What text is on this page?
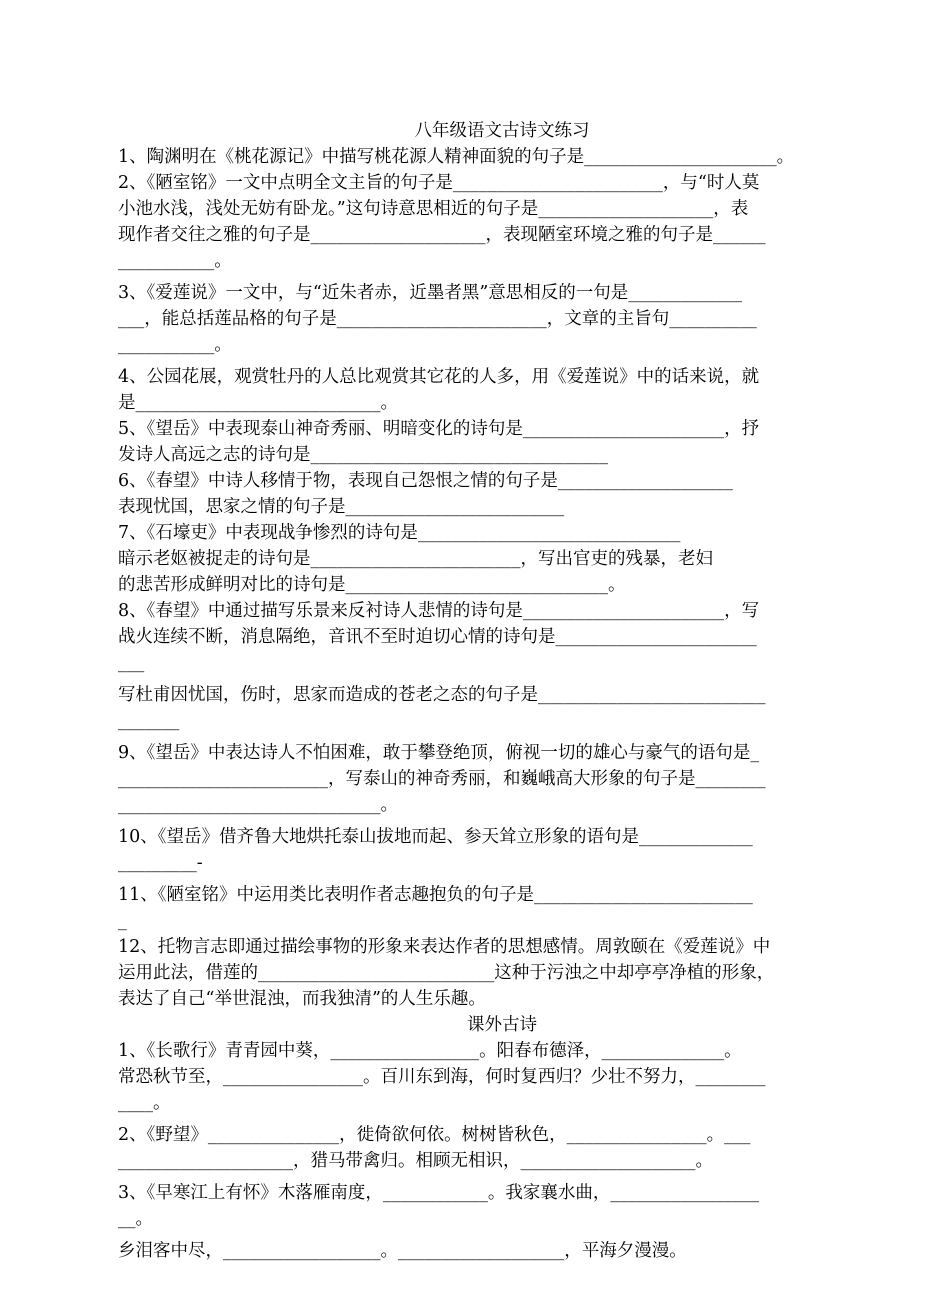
八年级语文古诗文练习

1、陶渊明在《桃花源记》中描写桃花源人精神面貌的句子是______________________。

2、《陋室铭》一文中点明全文主旨的句子是________________________，与“时人莫

小池水浅，浅处无妨有卧龙。”这句诗意思相近的句子是____________________，表

现作者交往之雅的句子是____________________，表现陋室环境之雅的句子是______

___________。

3、《爱莲说》一文中，与“近朱者赤，近墨者黑”意思相反的一句是_____________

___，能总括莲品格的句子是________________________，文章的主旨句__________

___________。

4、公园花展，观赏牡丹的人总比观赏其它花的人多，用《爱莲说》中的话来说，就

是____________________________。

5、《望岳》中表现泰山神奇秀丽、明暗变化的诗句是_______________________，抒

发诗人高远之志的诗句是__________________________________

6、《春望》中诗人移情于物，表现自己怨恨之情的句子是____________________

表现忧国，思家之情的句子是_________________________

7、《石壕吏》中表现战争惨烈的诗句是______________________________

暗示老妪被捉走的诗句是________________________，写出官吏的残暴，老妇

的悲苦形成鲜明对比的诗句是______________________________。

8、《春望》中通过描写乐景来反衬诗人悲情的诗句是_______________________，写

战火连续不断，消息隔绝，音讯不至时迫切心情的诗句是_______________________

___

写杜甫因忧国，伤时，思家而造成的苍老之态的句子是__________________________

_______

9、《望岳》中表达诗人不怕困难，敢于攀登绝顶，俯视一切的雄心与豪气的语句是_

________________________，写泰山的神奇秀丽，和巍峨高大形象的句子是________

______________________________。

10、《望岳》借齐鲁大地烘托泰山拔地而起、参天耸立形象的语句是_____________

_________-

11、《陋室铭》中运用类比表明作者志趣抱负的句子是_________________________

_

12、托物言志即通过描绘事物的形象来表达作者的思想感情。周敦颐在《爱莲说》中

运用此法，借莲的___________________________这种于污浊之中却亭亭净植的形象，

表达了自己“举世混浊，而我独清”的人生乐趣。

课外古诗

1、《长歌行》青青园中葵，_________________。阳春布德泽，______________。

常恐秋节至，________________。百川东到海，何时复西归？少壮不努力，________

____。

2、《野望》_______________，徙倚欲何依。树树皆秋色，________________。___

____________________，猎马带禽归。相顾无相识，____________________。

3、《早寒江上有怀》木落雁南度，____________。我家襄水曲，_________________

__。

乡泪客中尽，__________________。___________________，平海夕漫漫。
